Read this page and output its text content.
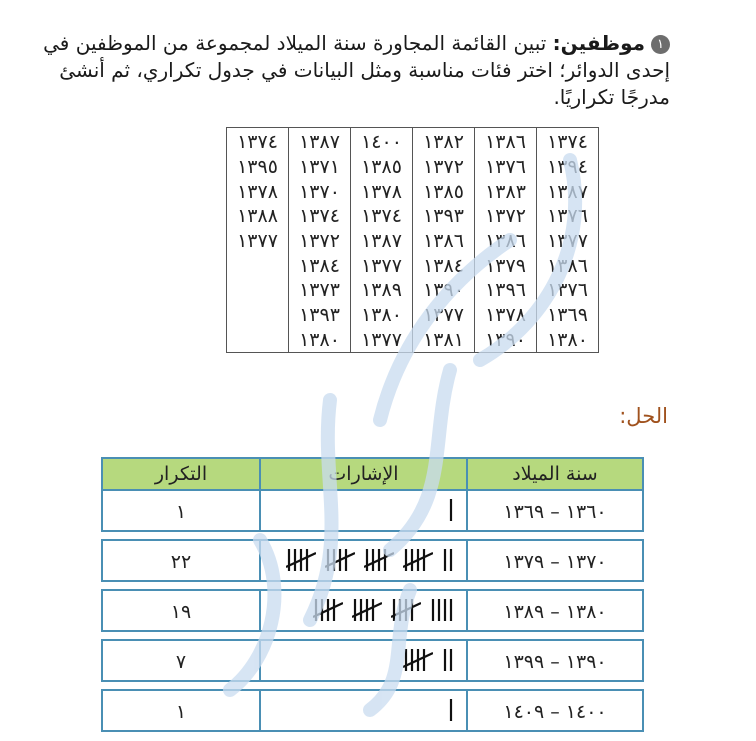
١موظفين: تبين القائمة المجاورة سنة الميلاد لمجموعة من الموظفين في إحدى الدوائر؛ اختر فئات مناسبة ومثل البيانات في جدول تكراري، ثم أنشئ مدرجًا تكراريًا.
١٣٧٤	١٣٨٦	١٣٨٢	١٤٠٠	١٣٨٧	١٣٧٤
١٣٩٤	١٣٧٦	١٣٧٢	١٣٨٥	١٣٧١	١٣٩٥
١٣٨٧	١٣٨٣	١٣٨٥	١٣٧٨	١٣٧٠	١٣٧٨
١٣٧٦	١٣٧٢	١٣٩٣	١٣٧٤	١٣٧٤	١٣٨٨
١٣٧٧	١٣٨٦	١٣٨٦	١٣٨٧	١٣٧٢	١٣٧٧
١٣٨٦	١٣٧٩	١٣٨٤	١٣٧٧	١٣٨٤	
١٣٧٦	١٣٩٦	١٣٩٠	١٣٨٩	١٣٧٣	
١٣٦٩	١٣٧٨	١٣٧٧	١٣٨٠	١٣٩٣	
١٣٨٠	١٣٩٠	١٣٨١	١٣٧٧	١٣٨٠	
الحل:
سنة الميلاد	الإشارات	التكرار
١٣٦٠ – ١٣٦٩		١

١٣٧٠ – ١٣٧٩		٢٢

١٣٨٠ – ١٣٨٩		١٩

١٣٩٠ – ١٣٩٩		٧

١٤٠٠ – ١٤٠٩		١
